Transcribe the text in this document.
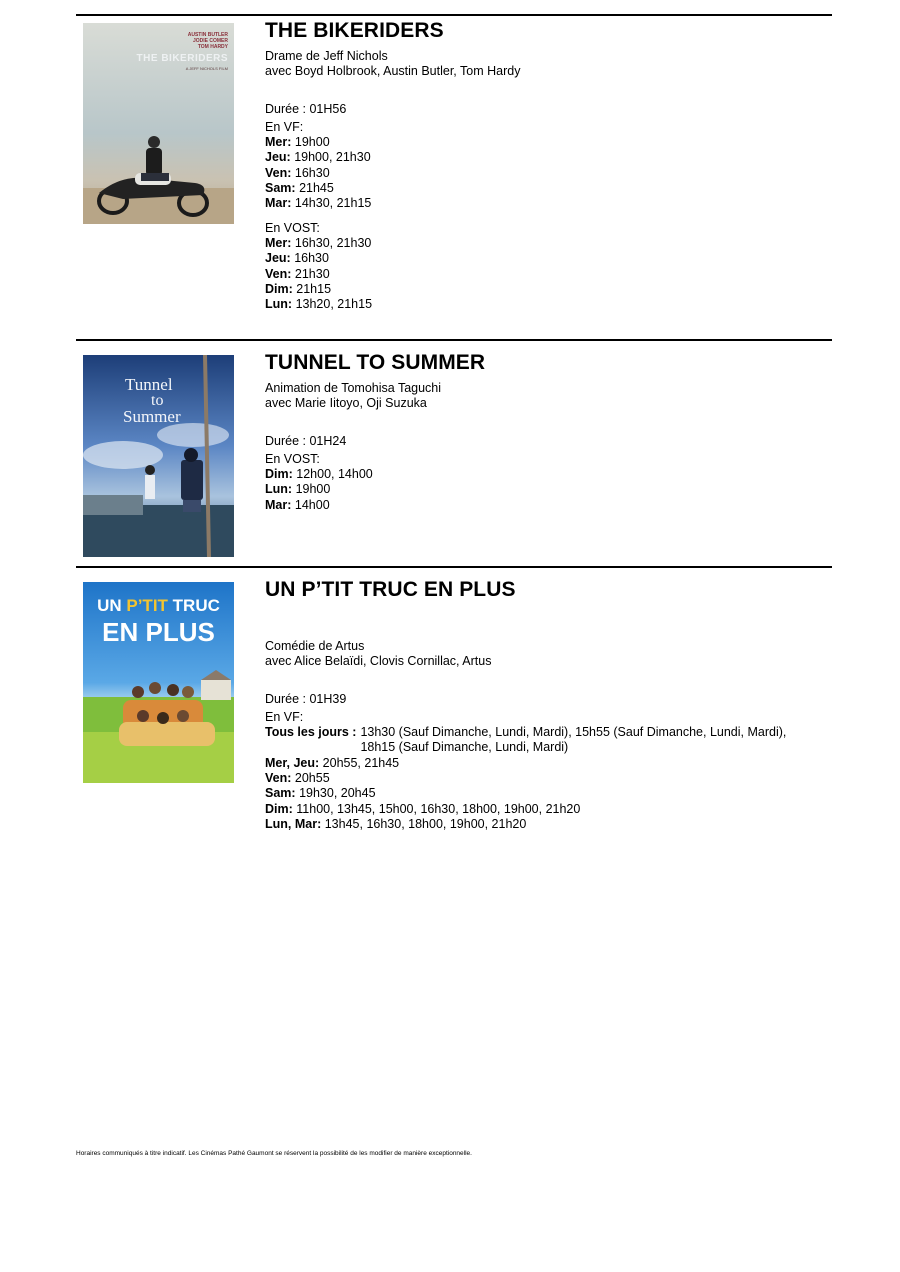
AUSTIN BUTLER
JODIE COMER
TOM HARDY
THE BIKERIDERS
A JEFF NICHOLS FILM
THE BIKERIDERS
Drame de Jeff Nichols
avec Boyd Holbrook, Austin Butler, Tom Hardy
Durée : 01H56
En VF:
Mer: 19h00
Jeu: 19h00, 21h30
Ven: 16h30
Sam: 21h45
Mar: 14h30, 21h15
En VOST:
Mer: 16h30, 21h30
Jeu: 16h30
Ven: 21h30
Dim: 21h15
Lun: 13h20, 21h15
Tunnel
to
Summer
TUNNEL TO SUMMER
Animation de Tomohisa Taguchi
avec Marie Iitoyo, Oji Suzuka
Durée : 01H24
En VOST:
Dim: 12h00, 14h00
Lun: 19h00
Mar: 14h00
UN P’TIT TRUC
EN PLUS
UN P’TIT TRUC EN PLUS
Comédie de Artus
avec Alice Belaïdi, Clovis Cornillac, Artus
Durée : 01H39
En VF:
Tous les jours : 13h30 (Sauf Dimanche, Lundi, Mardi), 15h55 (Sauf Dimanche, Lundi, Mardi),
18h15 (Sauf Dimanche, Lundi, Mardi)
Mer, Jeu: 20h55, 21h45
Ven: 20h55
Sam: 19h30, 20h45
Dim: 11h00, 13h45, 15h00, 16h30, 18h00, 19h00, 21h20
Lun, Mar: 13h45, 16h30, 18h00, 19h00, 21h20
Horaires communiqués à titre indicatif. Les Cinémas Pathé Gaumont se réservent la possibilité de les modifier de manière exceptionnelle.
